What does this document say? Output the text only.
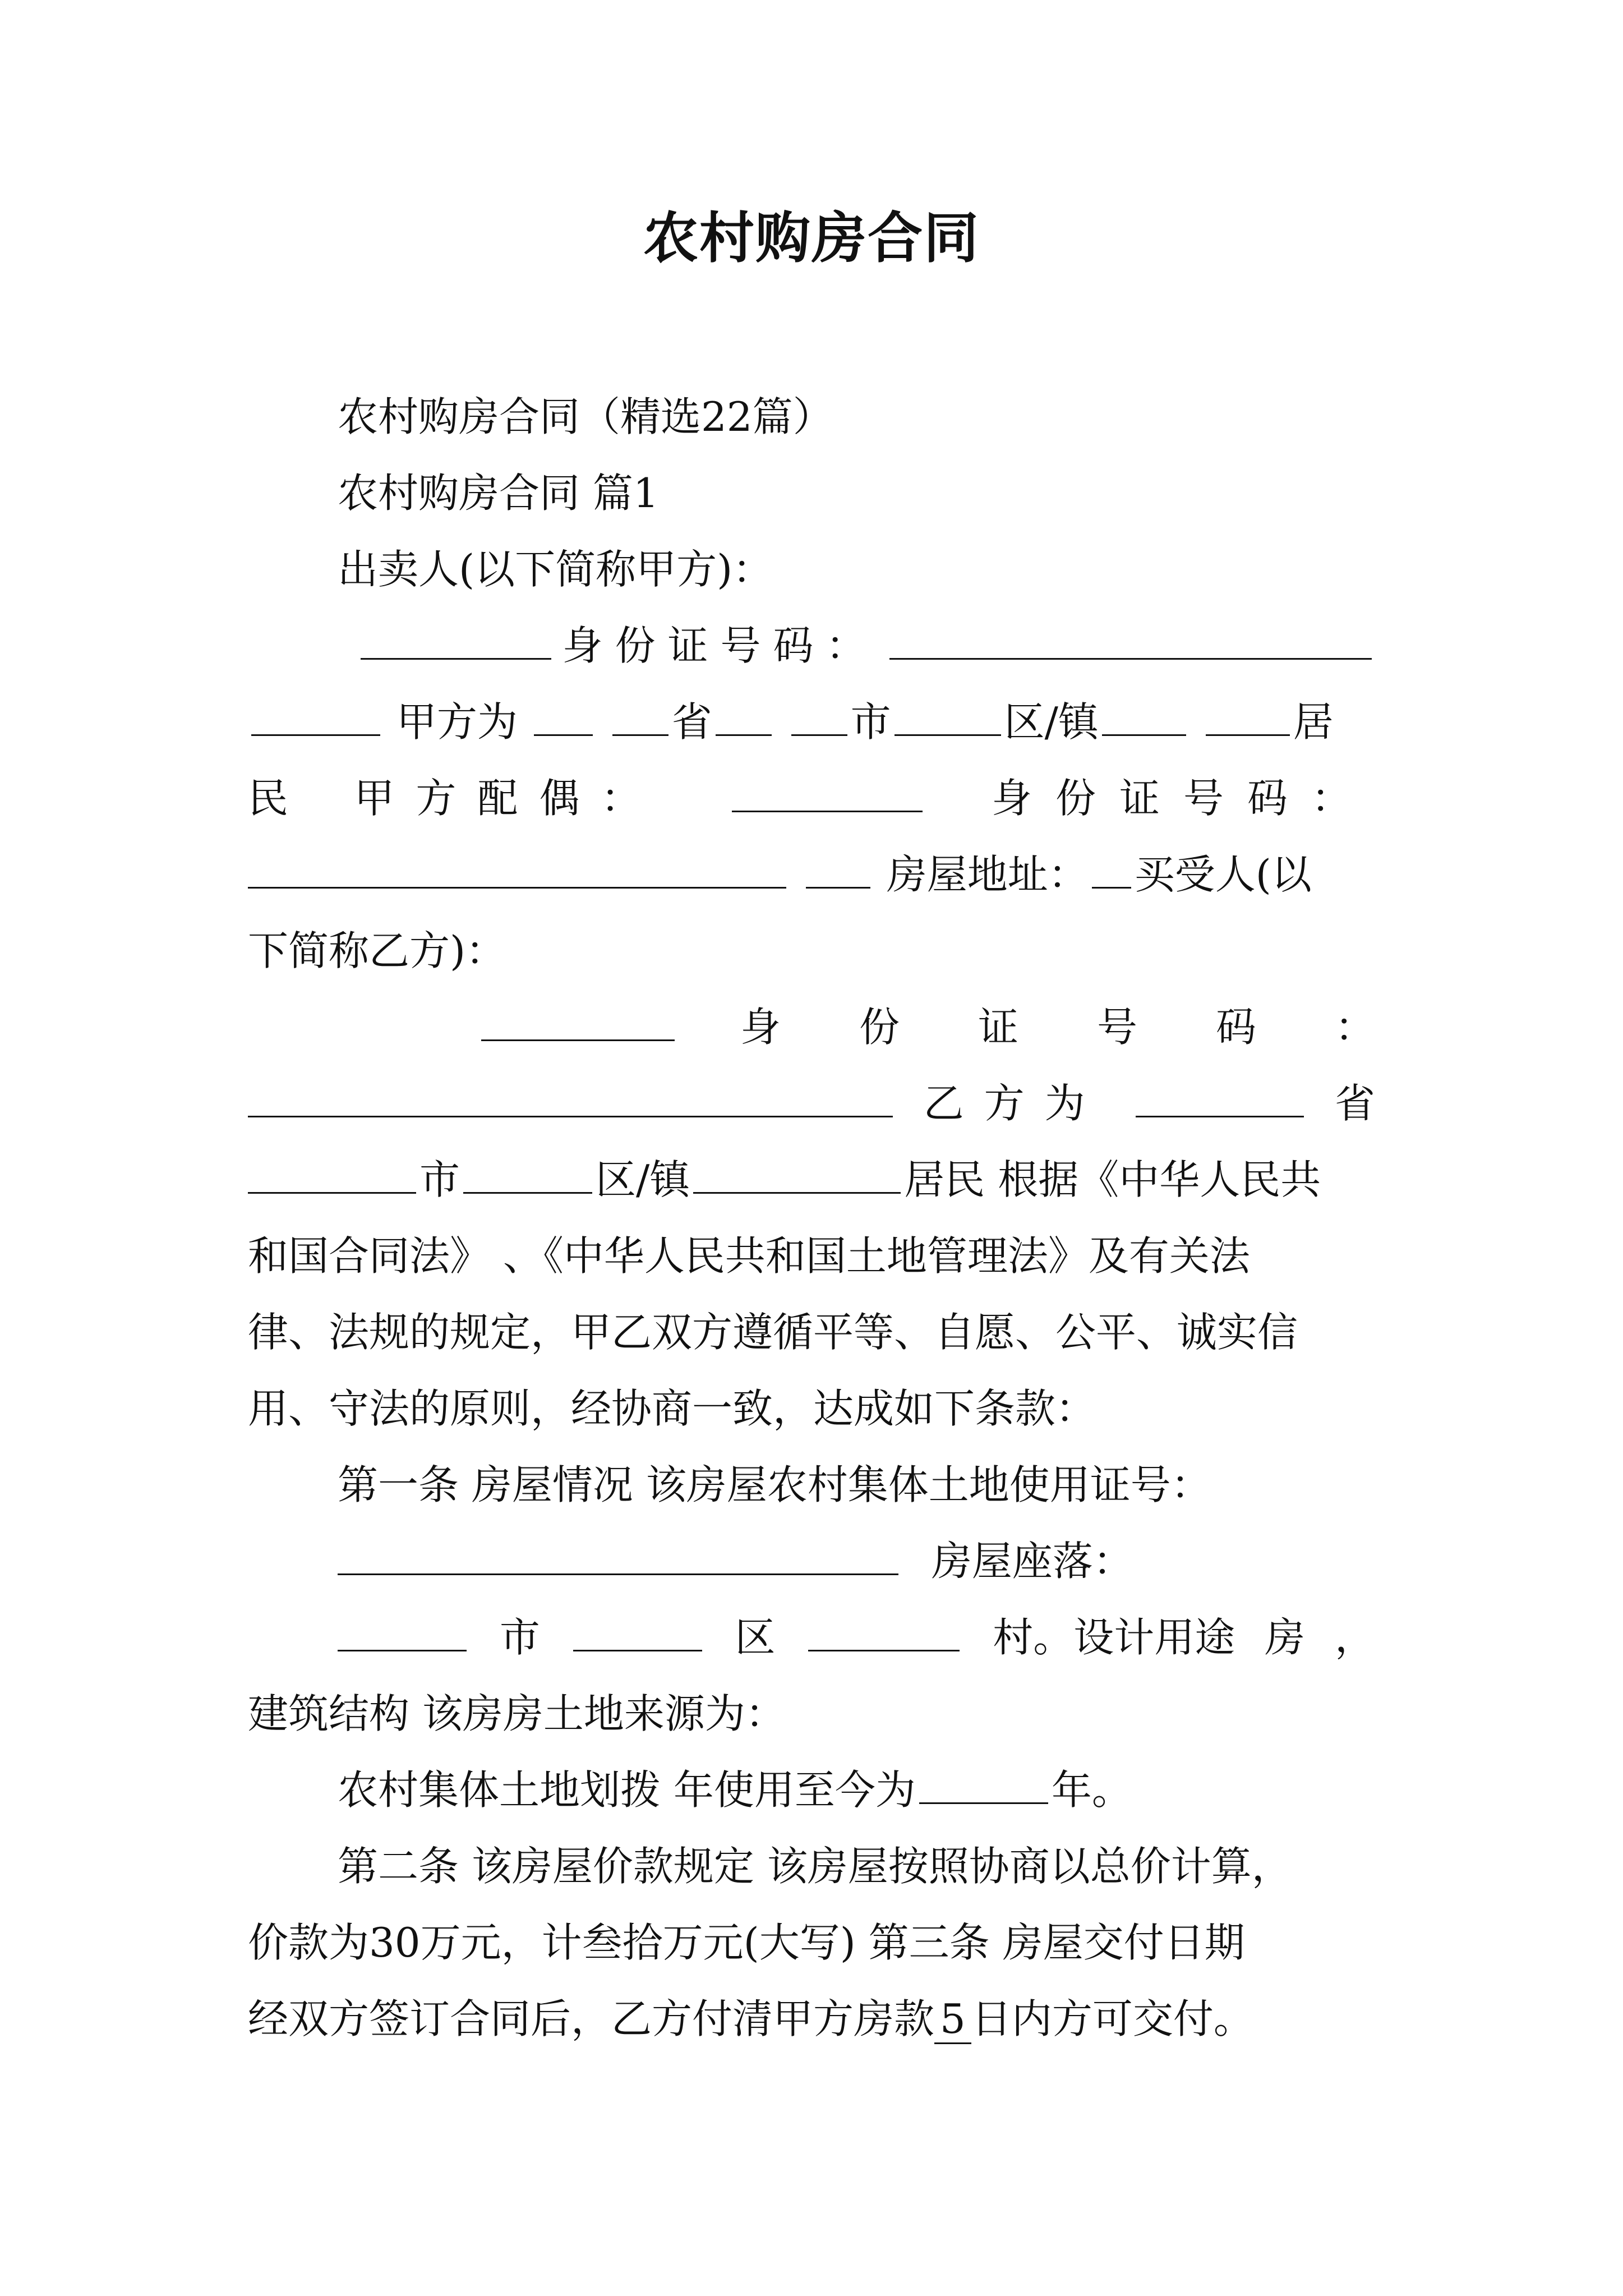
农村购房合同
农村购房合同（精选22篇）
农村购房合同 篇1
出卖人(以下简称甲方)：
身份证号码：
甲方为	省	市	区/镇	居
民 甲方配偶：	身份证号码：
房屋地址： 买受人(以
下简称乙方)：
身份证号码：
乙方为	省
市	区/镇	居民 根据《中华人民共
和国合同法》 、《中华人民共和国土地管理法》及有关法
律、法规的规定，甲乙双方遵循平等、自愿、公平、诚实信
用、守法的原则，经协商一致，达成如下条款：
第一条 房屋情况 该房屋农村集体土地使用证号：
房屋座落：
市	区	村。设计用途 房 ，
建筑结构 该房房土地来源为：
农村集体土地划拨 年使用至今为	年。
第二条 该房屋价款规定 该房屋按照协商以总价计算，
价款为30万元，计叁拾万元(大写) 第三条 房屋交付日期
经双方签订合同后，乙方付清甲方房款 5 日内方可交付。
